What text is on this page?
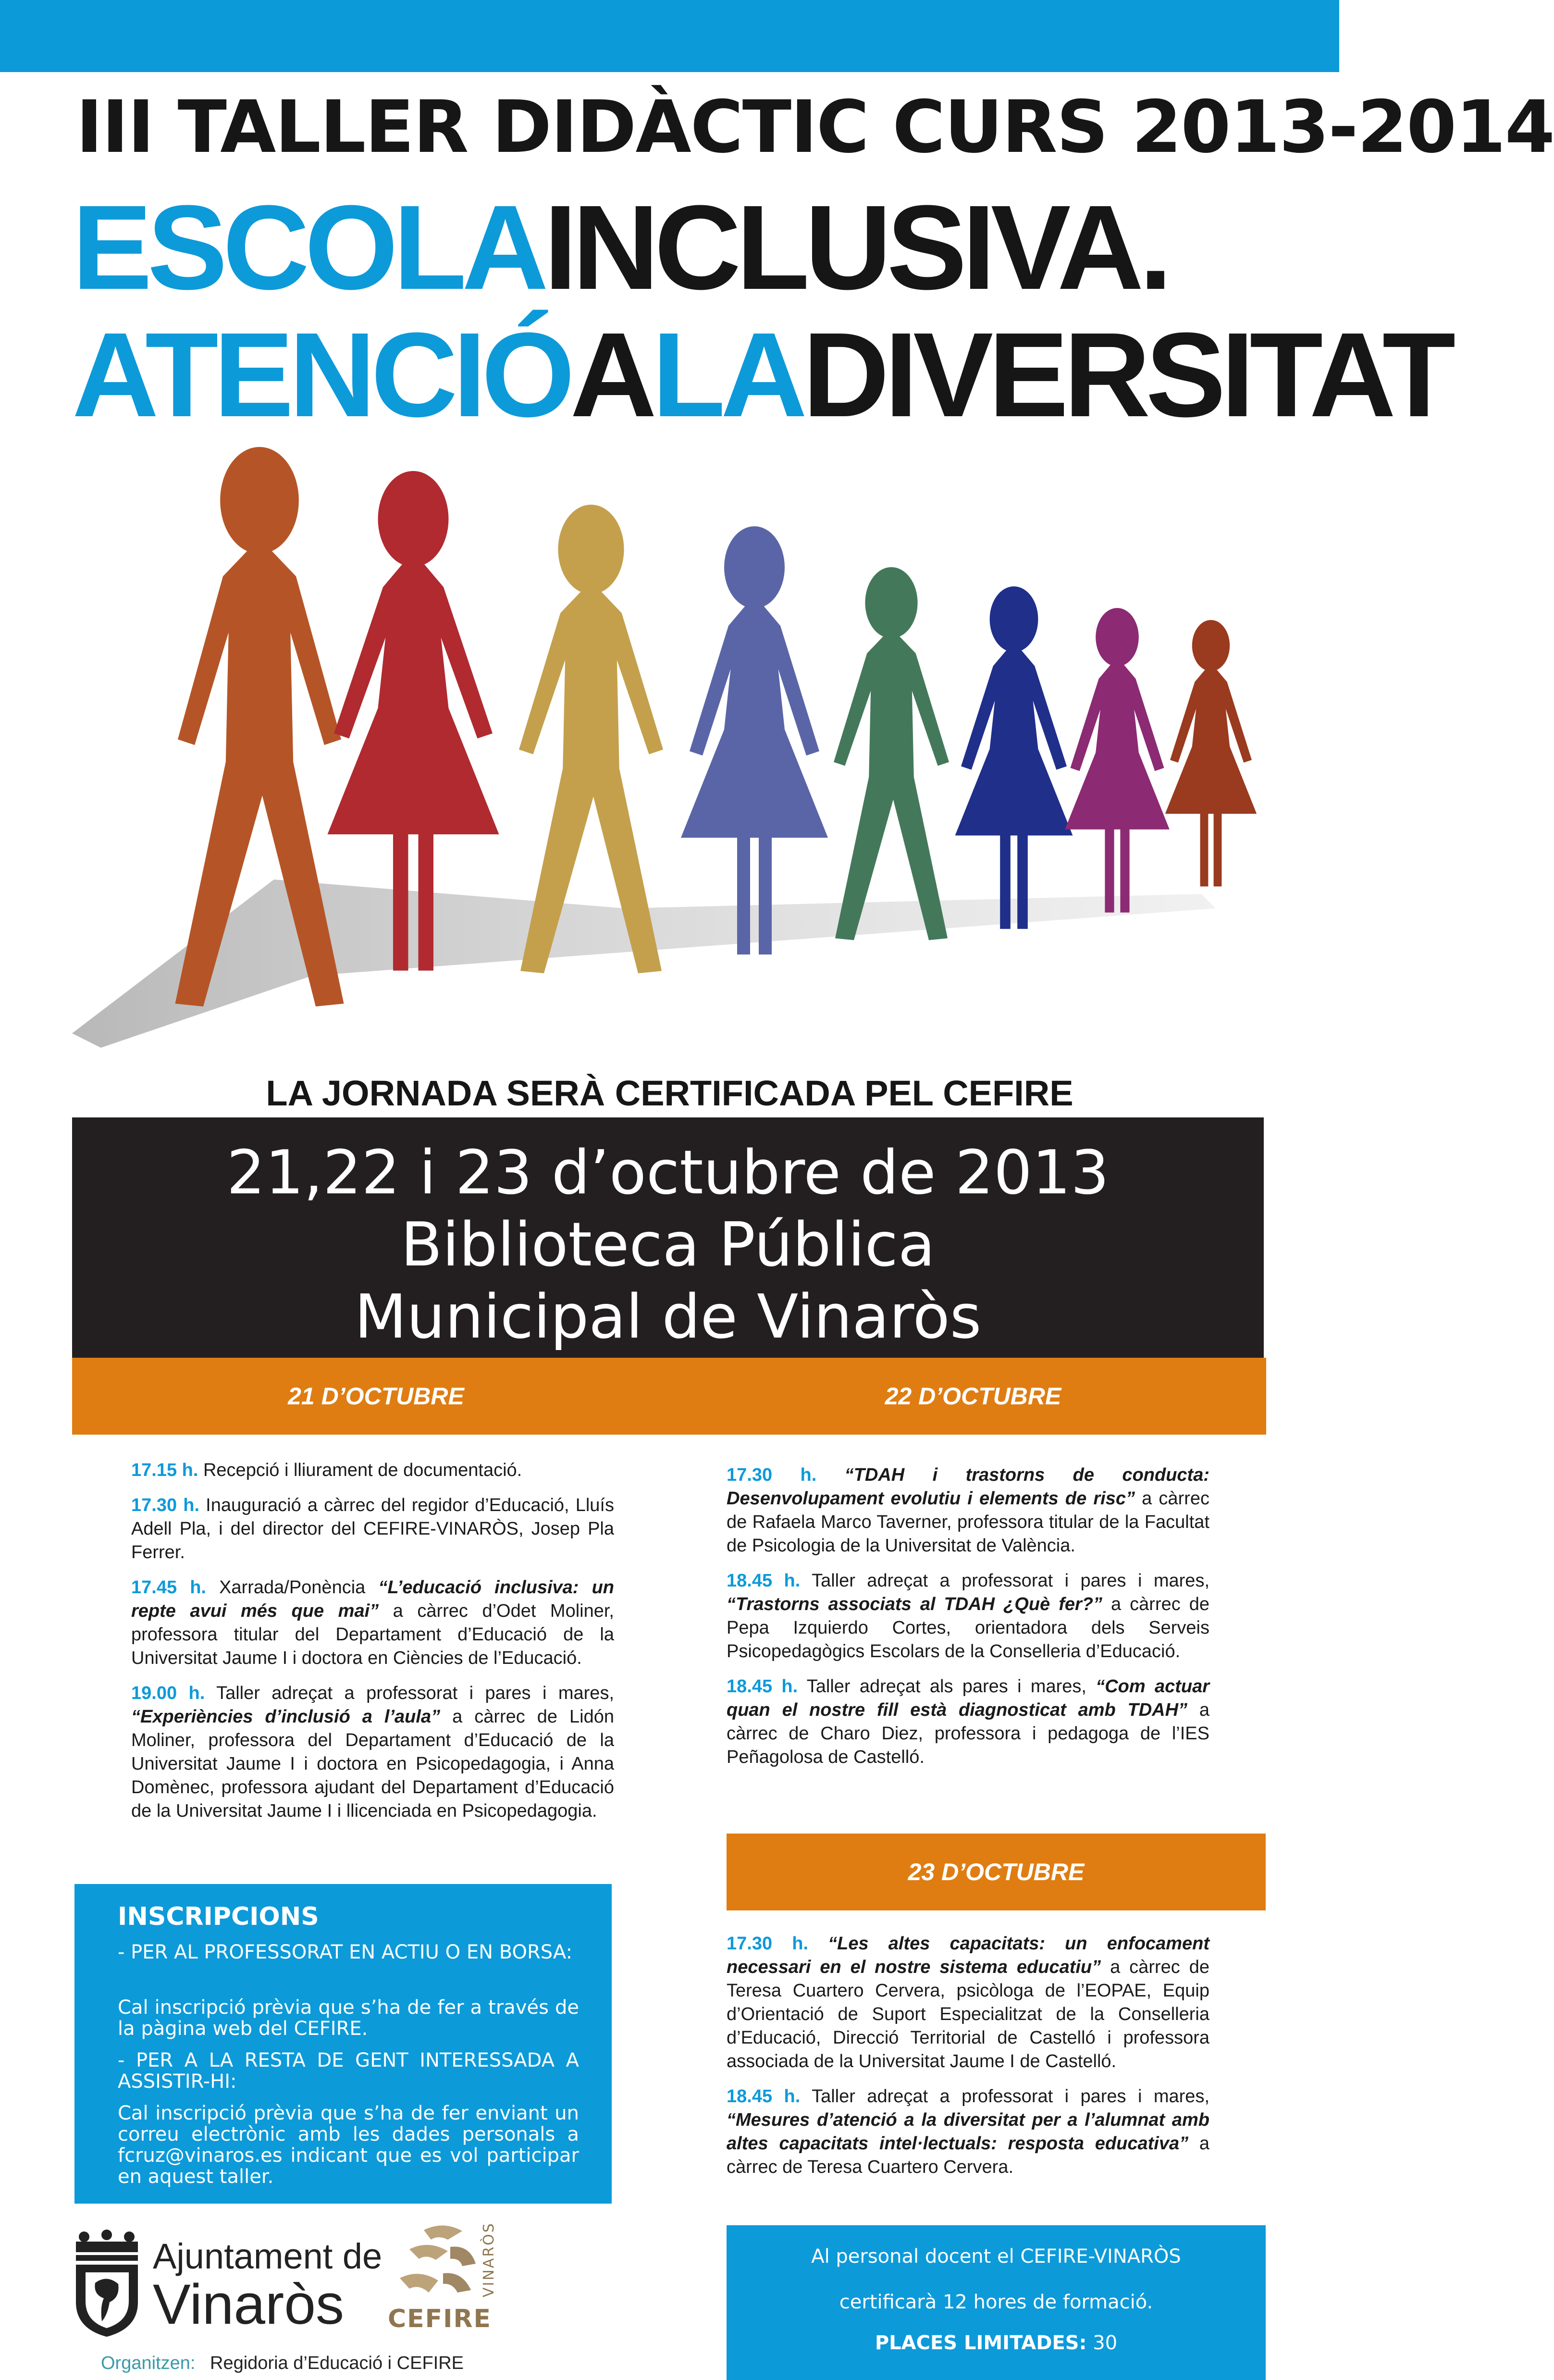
III TALLER DIDÀCTIC CURS 2013-2014
ESCOLAINCLUSIVA.
ATENCIÓALADIVERSITAT
LA JORNADA SERÀ CERTIFICADA PEL CEFIRE
21,22 i 23 d’octubre de 2013
Biblioteca Pública
Municipal de Vinaròs
21 D’OCTUBRE	22 D’OCTUBRE
23 D’OCTUBRE

17.15 h. Recepció i lliurament de documentació.

17.30 h. Inauguració a càrrec del regidor d’Educació, Lluís Adell Pla, i del director del CEFIRE-VINARÒS, Josep Pla Ferrer.

17.45 h. Xarrada/Ponència “L’educació inclusiva: un repte avui més que mai” a càrrec d’Odet Moliner, professora titular del Departament d’Educació de la Universitat Jaume I i doctora en Ciències de l’Educació.

19.00 h. Taller adreçat a professorat i pares i mares, “Experiències d’inclusió a l’aula” a càrrec de Lidón Moliner, professora del Departament d’Educació de la Universitat Jaume I i doctora en Psicopedagogia, i Anna Domènec, professora ajudant del Departament d’Educació de la Universitat Jaume I i llicenciada en Psicopedagogia.

17.30 h. “TDAH i trastorns de conducta: Desenvolupament evolutiu i elements de risc” a càrrec de Rafaela Marco Taverner, professora titular de la Facultat de Psicologia de la Universitat de València.

18.45 h. Taller adreçat a professorat i pares i mares, “Trastorns associats al TDAH ¿Què fer?” a càrrec de Pepa Izquierdo Cortes, orientadora dels Serveis Psicopedagògics Escolars de la Conselleria d’Educació.

18.45 h. Taller adreçat als pares i mares, “Com actuar quan el nostre fill està diagnosticat amb TDAH” a càrrec de Charo Diez, professora i pedagoga de l’IES Peñagolosa de Castelló.

17.30 h. “Les altes capacitats: un enfocament necessari en el nostre sistema educatiu” a càrrec de Teresa Cuartero Cervera, psicòloga de l’EOPAE, Equip d’Orientació de Suport Especialitzat de la Conselleria d’Educació, Direcció Territorial de Castelló i professora associada de la Universitat Jaume I de Castelló.

18.45 h. Taller adreçat a professorat i pares i mares, “Mesures d’atenció a la diversitat per a l’alumnat amb altes capacitats intel·lectuals: resposta educativa” a càrrec de Teresa Cuartero Cervera.

INSCRIPCIONS
- PER AL PROFESSORAT EN ACTIU O EN BORSA:
Cal inscripció prèvia que s’ha de fer a través de la pàgina web del CEFIRE.
- PER A LA RESTA DE GENT INTERESSADA A ASSISTIR-HI:
Cal inscripció prèvia que s’ha de fer enviant un correu electrònic amb les dades personals a fcruz@vinaros.es indicant que es vol participar en aquest taller.
Al personal docent el CEFIRE-VINARÒS
certificarà 12 hores de formació.
PLACES LIMITADES: 30
Ajuntament de
Vinaròs CEFIRE
VINARÒS
Organitzen: Regidoria d’Educació i CEFIRE
